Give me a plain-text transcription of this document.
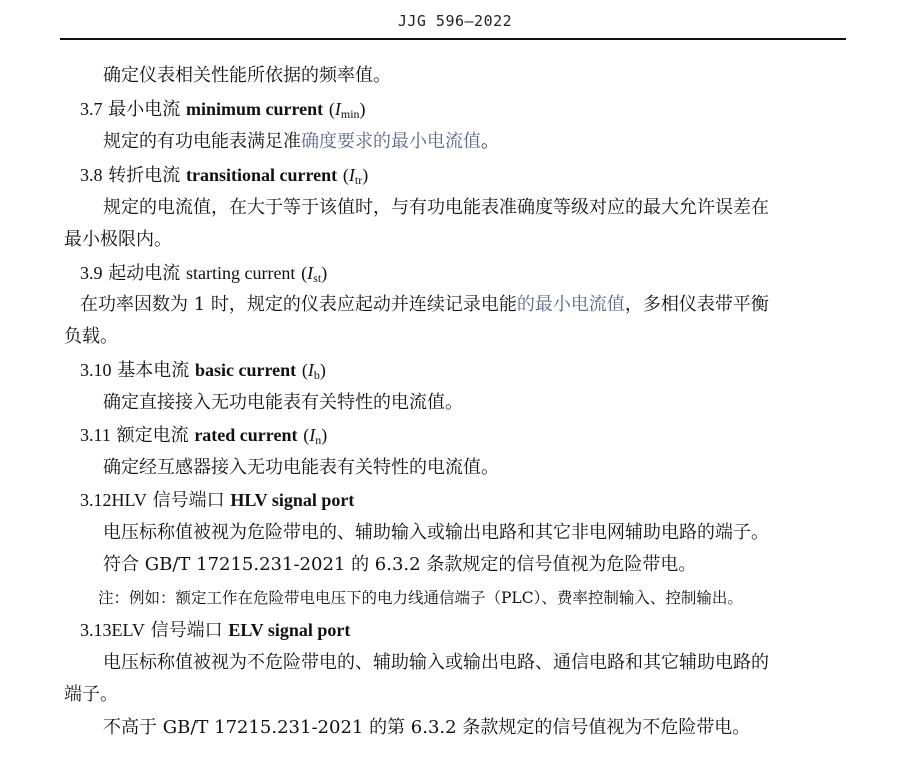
JJG 596—2022
确定仪表相关性能所依据的频率值。
3.7 最小电流 minimum current $(I_{min})$
规定的有功电能表满足准确度要求的最小电流值。
3.8 转折电流 transitional current $(I_{tr})$
规定的电流值，在大于等于该值时，与有功电能表准确度等级对应的最大允许误差在
最小极限内。
3.9 起动电流 starting current $(I_{st})$
在功率因数为 1 时，规定的仪表应起动并连续记录电能的最小电流值，多相仪表带平衡
负载。
3.10 基本电流 basic current $(I_b)$
确定直接接入无功电能表有关特性的电流值。
3.11 额定电流 rated current $(I_n)$
确定经互感器接入无功电能表有关特性的电流值。
3.12HLV 信号端口 HLV signal port
电压标称值被视为危险带电的、辅助输入或输出电路和其它非电网辅助电路的端子。
符合 GB/T 17215.231-2021 的 6.3.2 条款规定的信号值视为危险带电。
注：例如：额定工作在危险带电电压下的电力线通信端子（PLC）、费率控制输入、控制输出。
3.13ELV 信号端口 ELV signal port
电压标称值被视为不危险带电的、辅助输入或输出电路、通信电路和其它辅助电路的
端子。
不高于 GB/T 17215.231-2021 的第 6.3.2 条款规定的信号值视为不危险带电。
